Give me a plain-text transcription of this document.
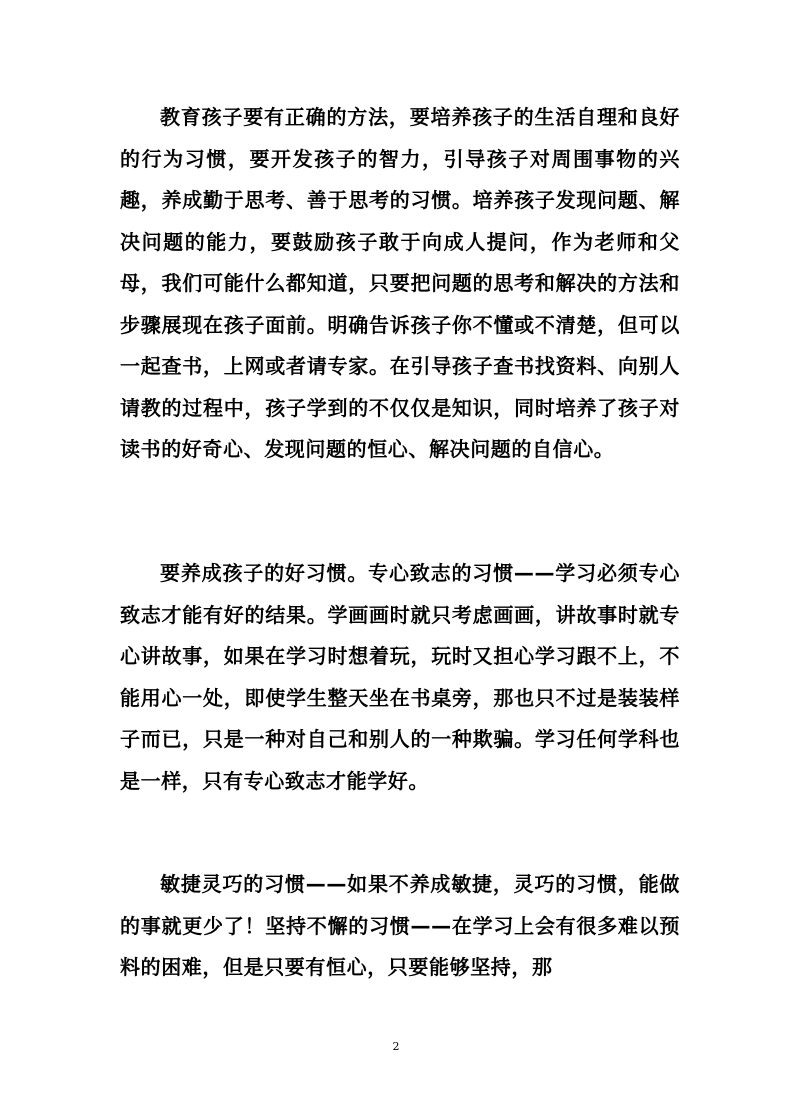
教育孩子要有正确的方法，要培养孩子的生活自理和良好的行为习惯，要开发孩子的智力，引导孩子对周围事物的兴趣，养成勤于思考、善于思考的习惯。培养孩子发现问题、解决问题的能力，要鼓励孩子敢于向成人提问，作为老师和父母，我们可能什么都知道，只要把问题的思考和解决的方法和步骤展现在孩子面前。明确告诉孩子你不懂或不清楚，但可以一起查书，上网或者请专家。在引导孩子查书找资料、向别人请教的过程中，孩子学到的不仅仅是知识，同时培养了孩子对读书的好奇心、发现问题的恒心、解决问题的自信心。

要养成孩子的好习惯。专心致志的习惯——学习必须专心致志才能有好的结果。学画画时就只考虑画画，讲故事时就专心讲故事，如果在学习时想着玩，玩时又担心学习跟不上，不能用心一处，即使学生整天坐在书桌旁，那也只不过是装装样子而已，只是一种对自己和别人的一种欺骗。学习任何学科也是一样，只有专心致志才能学好。

敏捷灵巧的习惯——如果不养成敏捷，灵巧的习惯，能做的事就更少了！坚持不懈的习惯——在学习上会有很多难以预料的困难，但是只要有恒心，只要能够坚持，那

2
